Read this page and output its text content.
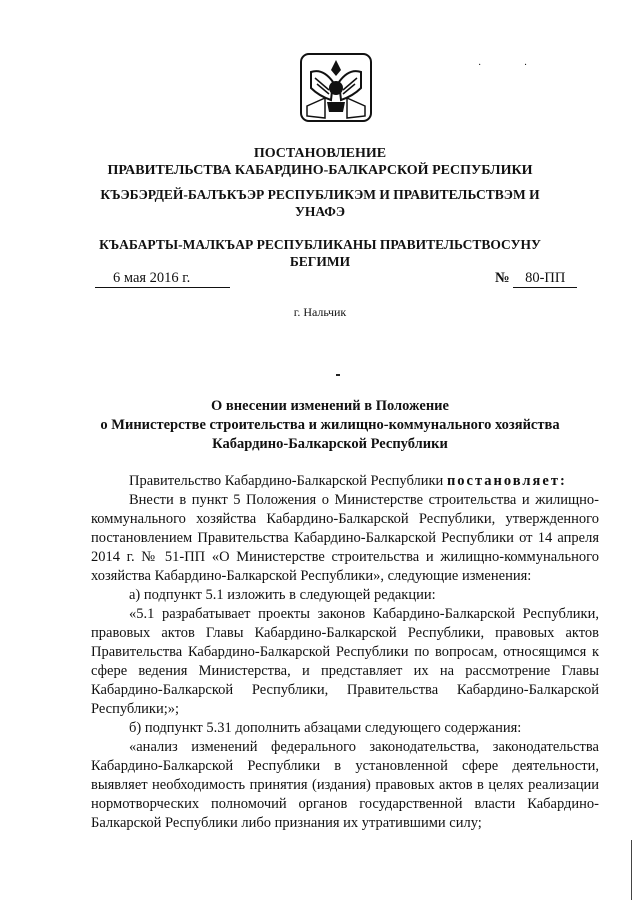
· ·
ПОСТАНОВЛЕНИЕ
ПРАВИТЕЛЬСТВА КАБАРДИНО-БАЛКАРСКОЙ РЕСПУБЛИКИ
КЪЭБЭРДЕЙ-БАЛЪКЪЭР РЕСПУБЛИКЭМ И ПРАВИТЕЛЬСТВЭМ И
УНАФЭ
КЪАБАРТЫ-МАЛКЪАР РЕСПУБЛИКАНЫ ПРАВИТЕЛЬСТВОСУНУ
БЕГИМИ
6 мая 2016 г.	№ 80-ПП
г. Нальчик
О внесении изменений в Положение
о Министерстве строительства и жилищно-коммунального хозяйства
Кабардино-Балкарской Республики

Правительство Кабардино-Балкарской Республики постановляет:

Внести в пункт 5 Положения о Министерстве строительства и жилищно-коммунального хозяйства Кабардино-Балкарской Республики, утвержденного постановлением Правительства Кабардино-Балкарской Республики от 14 апреля 2014 г. № 51-ПП «О Министерстве строительства и жилищно-коммунального хозяйства Кабардино-Балкарской Республики», следующие изменения:

а) подпункт 5.1 изложить в следующей редакции:

«5.1 разрабатывает проекты законов Кабардино-Балкарской Республики, правовых актов Главы Кабардино-Балкарской Республики, правовых актов Правительства Кабардино-Балкарской Республики по вопросам, относящимся к сфере ведения Министерства, и представляет их на рассмотрение Главы Кабардино-Балкарской Республики, Правительства Кабардино-Балкарской Республики;»;

б) подпункт 5.31 дополнить абзацами следующего содержания:

«анализ изменений федерального законодательства, законодательства Кабардино-Балкарской Республики в установленной сфере деятельности, выявляет необходимость принятия (издания) правовых актов в целях реализации нормотворческих полномочий органов государственной власти Кабардино-Балкарской Республики либо признания их утратившими силу;
